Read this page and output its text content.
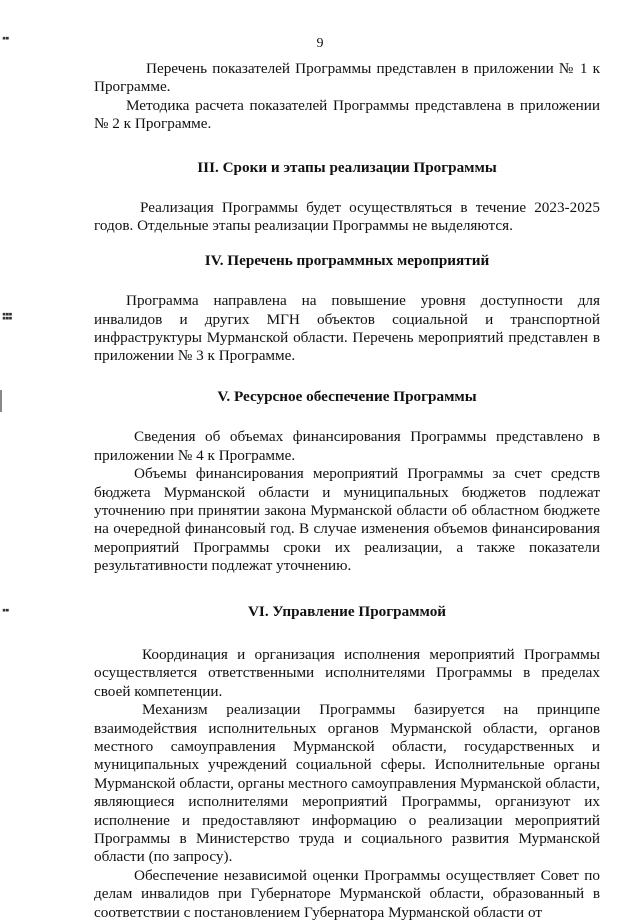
▪▪
▪▪▪
▪▪▪
▪▪
9

Перечень показателей Программы представлен в приложении № 1 к Программе.

Методика расчета показателей Программы представлена в приложении № 2 к Программе.

III. Сроки и этапы реализации Программы

Реализация Программы будет осуществляться в течение 2023-2025 годов. Отдельные этапы реализации Программы не выделяются.

IV. Перечень программных мероприятий

Программа направлена на повышение уровня доступности для инвалидов и других МГН объектов социальной и транспортной инфраструктуры Мурманской области. Перечень мероприятий представлен в приложении № 3 к Программе.

V. Ресурсное обеспечение Программы

Сведения об объемах финансирования Программы представлено в приложении № 4 к Программе.

Объемы финансирования мероприятий Программы за счет средств бюджета Мурманской области и муниципальных бюджетов подлежат уточнению при принятии закона Мурманской области об областном бюджете на очередной финансовый год. В случае изменения объемов финансирования мероприятий Программы сроки их реализации, а также показатели результативности подлежат уточнению.

VI. Управление Программой

Координация и организация исполнения мероприятий Программы осуществляется ответственными исполнителями Программы в пределах своей компетенции.

Механизм реализации Программы базируется на принципе взаимодействия исполнительных органов Мурманской области, органов местного самоуправления Мурманской области, государственных и муниципальных учреждений социальной сферы. Исполнительные органы Мурманской области, органы местного самоуправления Мурманской области, являющиеся исполнителями мероприятий Программы, организуют их исполнение и предоставляют информацию о реализации мероприятий Программы в Министерство труда и социального развития Мурманской области (по запросу).

Обеспечение независимой оценки Программы осуществляет Совет по делам инвалидов при Губернаторе Мурманской области, образованный в соответствии с постановлением Губернатора Мурманской области от
